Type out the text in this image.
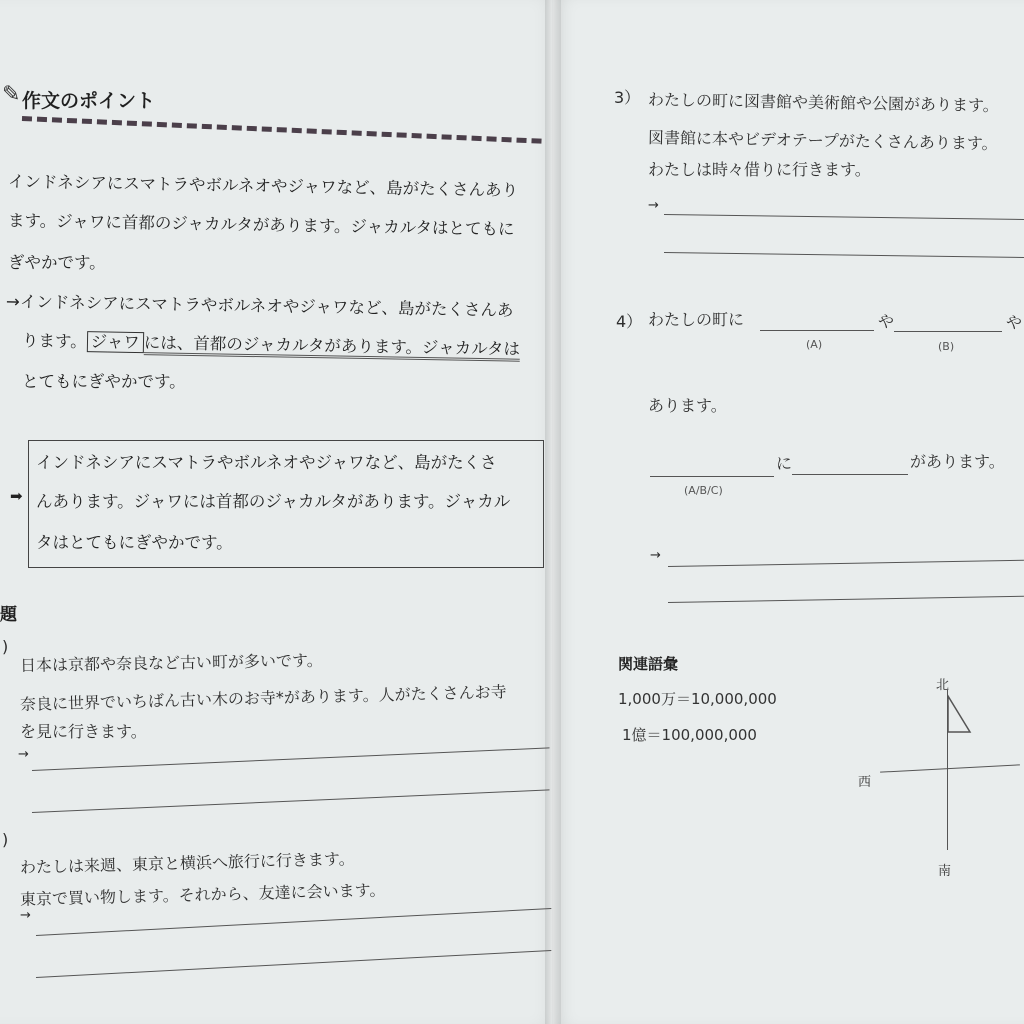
✎ 作文のポイント
インドネシアにスマトラやボルネオやジャワなど、島がたくさんあり
ます。ジャワに首都のジャカルタがあります。ジャカルタはとてもに
ぎやかです。
→インドネシアにスマトラやボルネオやジャワなど、島がたくさんあ
ります。 ジャワ には、首都のジャカルタがあります。ジャカルタは
とてもにぎやかです。
➡
インドネシアにスマトラやボルネオやジャワなど、島がたくさ
んあります。ジャワには首都のジャカルタがあります。ジャカル
タはとてもにぎやかです。
題
)
日本は京都や奈良など古い町が多いです。
奈良に世界でいちばん古い木のお寺*があります。人がたくさんお寺
を見に行きます。
→
)
わたしは来週、東京と横浜へ旅行に行きます。
東京で買い物します。それから、友達に会います。
→
3） わたしの町に図書館や美術館や公園があります。
図書館に本やビデオテープがたくさんあります。
わたしは時々借りに行きます。
→
4） わたしの町に	や	や
(A)	(B)
あります。
に	があります。
(A/B/C)
→
関連語彙
1,000万＝10,000,000
1億＝100,000,000
北
西
南
